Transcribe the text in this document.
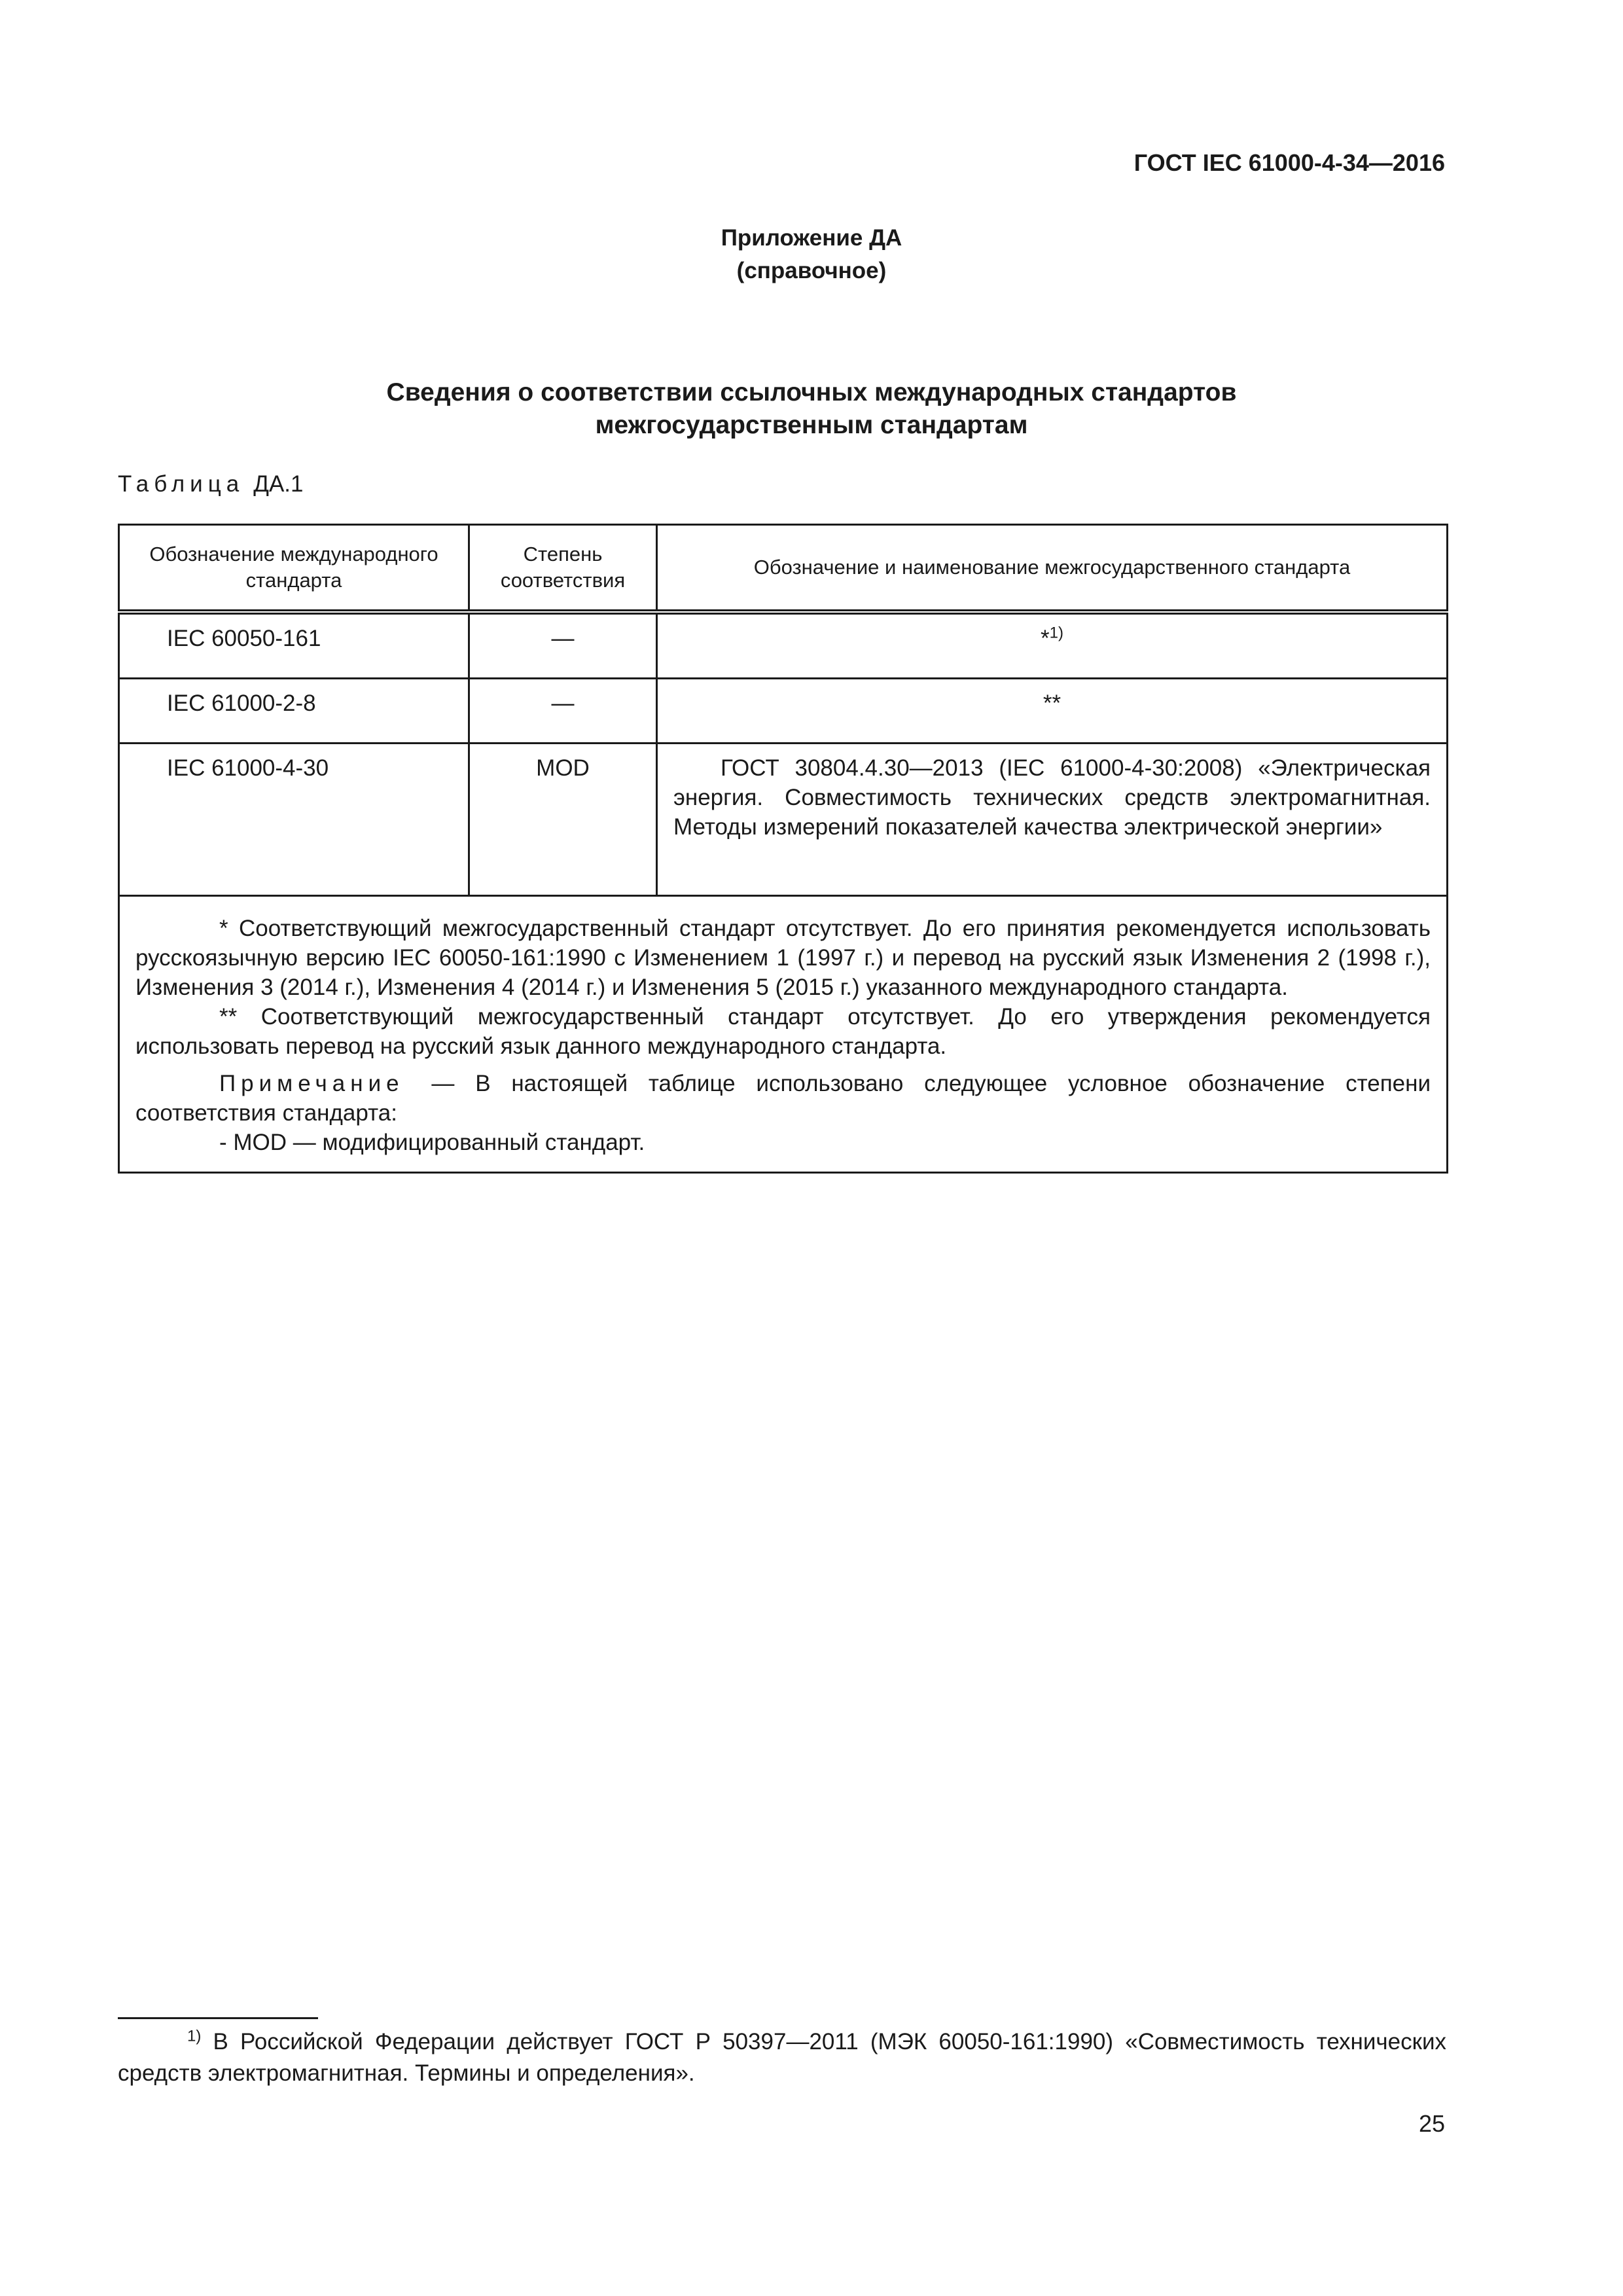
ГОСТ IEC 61000-4-34—2016
Приложение ДА
(справочное)
Сведения о соответствии ссылочных международных стандартов
межгосударственным стандартам
Таблица ДА.1
Обозначение международного стандарта	Степень соответствия	Обозначение и наименование межгосударственного стандарта
IEC 60050-161	—	*$^{1)}$
IEC 61000-2-8	—	**
IEC 61000-4-30	MOD	ГОСТ 30804.4.30—2013 (IEC 61000-4-30:2008) «Электрическая энергия. Совместимость технических средств электромагнитная. Методы измерений показателей качества электрической энергии»

* Соответствующий межгосударственный стандарт отсутствует. До его принятия рекомендуется использовать русскоязычную версию IEC 60050-161:1990 с Изменением 1 (1997 г.) и перевод на русский язык Изменения 2 (1998 г.), Изменения 3 (2014 г.), Изменения 4 (2014 г.) и Изменения 5 (2015 г.) указанного международного стандарта.

** Соответствующий межгосударственный стандарт отсутствует. До его утверждения рекомендуется использовать перевод на русский язык данного международного стандарта.

Примечание — В настоящей таблице использовано следующее условное обозначение степени соответствия стандарта:

- MOD — модифицированный стандарт.		

$^{1)}$ В Российской Федерации действует ГОСТ Р 50397—2011 (МЭК 60050-161:1990) «Совместимость технических средств электромагнитная. Термины и определения».

25
